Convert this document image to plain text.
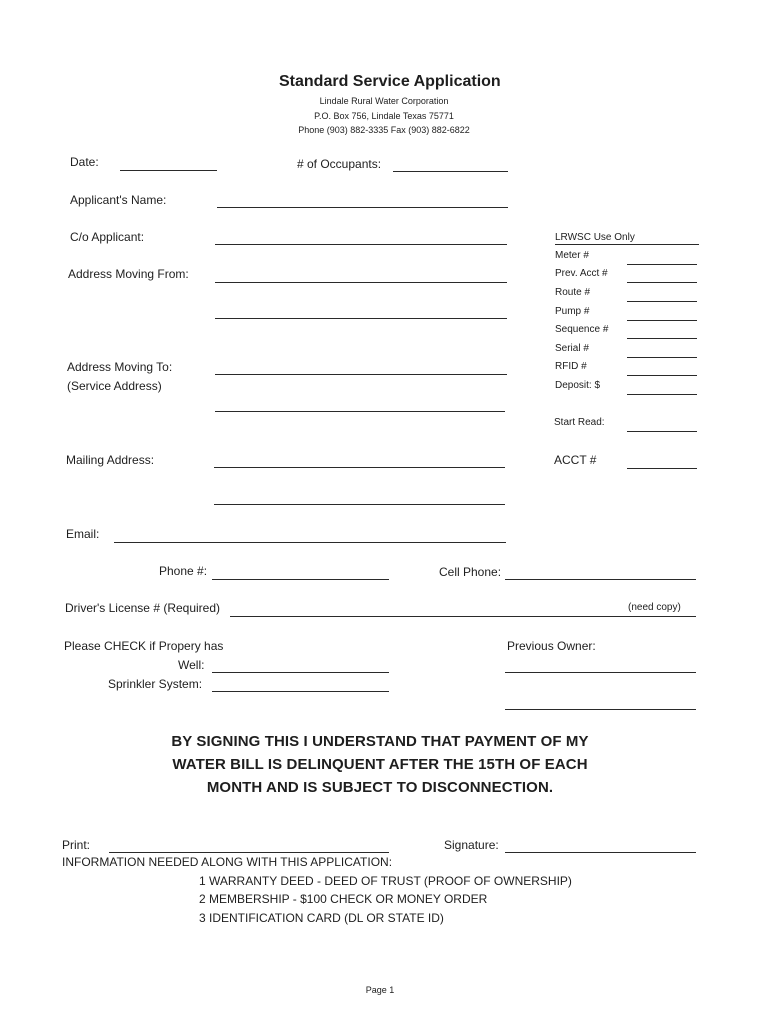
Standard Service Application
Lindale Rural Water Corporation
P.O. Box 756, Lindale Texas 75771
Phone (903) 882-3335 Fax (903) 882-6822
Date:	# of Occupants:
Applicant's Name:
C/o Applicant:
Address Moving From:
Address Moving To:
(Service Address)
Mailing Address:
LRWSC Use Only
Meter #
Prev. Acct #
Route #
Pump #
Sequence #
Serial #
RFID #
Deposit: $
Start Read:
ACCT #
Email:
Phone #:	Cell Phone:
Driver's License # (Required)	(need copy)
Please CHECK if Propery has
Well:
Sprinkler System:
Previous Owner:
BY SIGNING THIS I UNDERSTAND THAT PAYMENT OF MY
WATER BILL IS DELINQUENT AFTER THE 15TH OF EACH
MONTH AND IS SUBJECT TO DISCONNECTION.
Print:	Signature:
INFORMATION NEEDED ALONG WITH THIS APPLICATION:
1 WARRANTY DEED - DEED OF TRUST (PROOF OF OWNERSHIP)
2 MEMBERSHIP - $100 CHECK OR MONEY ORDER
3 IDENTIFICATION CARD (DL OR STATE ID)
Page 1
